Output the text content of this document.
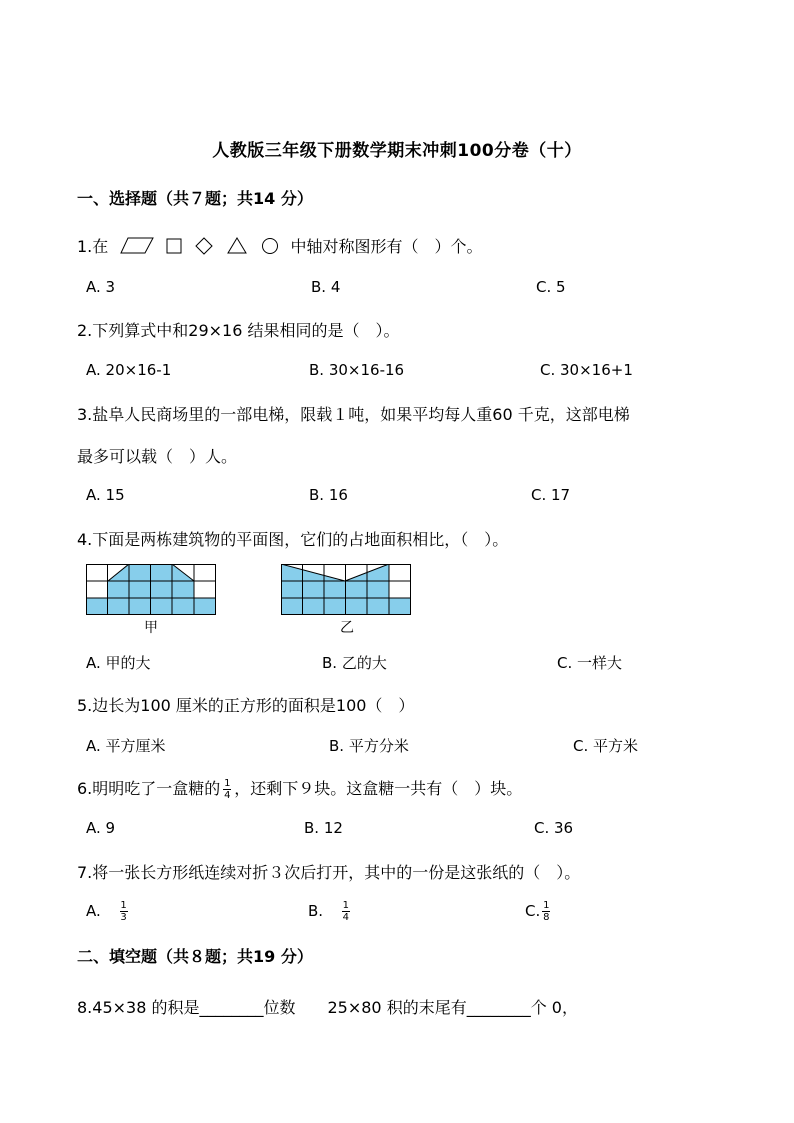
人教版三年级下册数学期末冲刺100分卷（十）
一、选择题（共７题；共14 分）
1.在	中轴对称图形有（　）个。
A. 3	B. 4	C. 5
2.下列算式中和29×16 结果相同的是（　）。
A. 20×16-1	B. 30×16-16	C. 30×16+1
3.盐阜人民商场里的一部电梯，限载１吨，如果平均每人重60 千克，这部电梯
最多可以载（　）人。
A. 15	B. 16	C. 17
4.下面是两栋建筑物的平面图，它们的占地面积相比，（　）。
甲	乙
A. 甲的大	B. 乙的大	C. 一样大
5.边长为100 厘米的正方形的面积是100（　）
A. 平方厘米	B. 平方分米	C. 平方米
6.明明吃了一盒糖的 $\frac{1}{4}$ ，还剩下９块。这盒糖一共有（　）块。
A. 9	B. 12	C. 36
7.将一张长方形纸连续对折３次后打开，其中的一份是这张纸的（　）。
A. $\frac{1}{3}$	B. $\frac{1}{4}$	C. $\frac{1}{8}$
二、填空题（共８题；共19 分）
8.45×38 的积是________位数　　25×80 积的末尾有________个 0，
